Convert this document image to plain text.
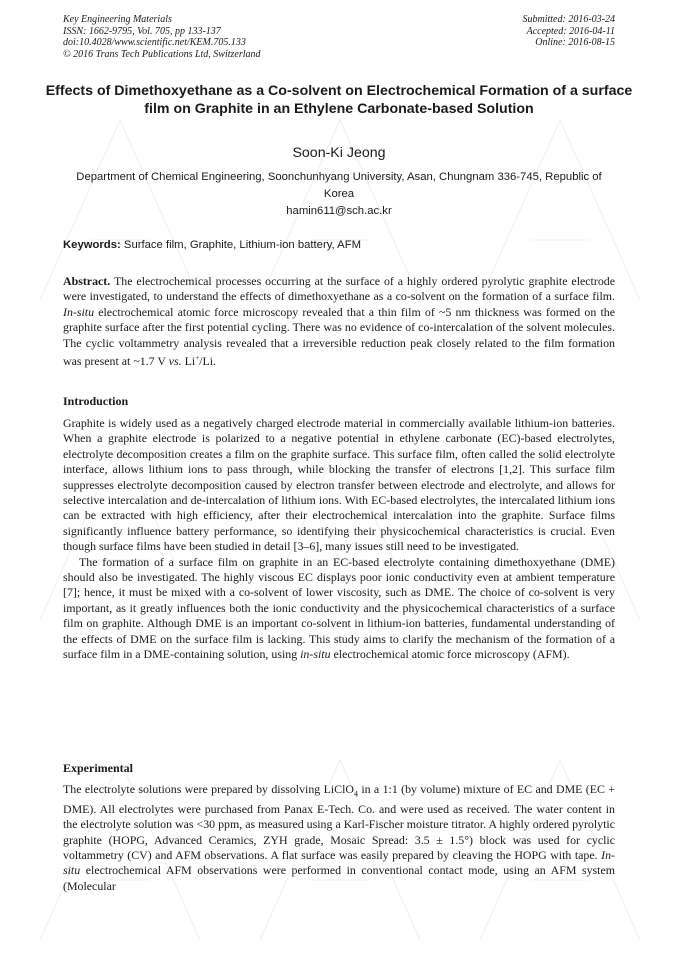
Key Engineering Materials
ISSN: 1662-9795, Vol. 705, pp 133-137
doi:10.4028/www.scientific.net/KEM.705.133
© 2016 Trans Tech Publications Ltd, Switzerland
Submitted: 2016-03-24
Accepted: 2016-04-11
Online: 2016-08-15
Effects of Dimethoxyethane as a Co-solvent on Electrochemical Formation of a surface film on Graphite in an Ethylene Carbonate-based Solution
Soon-Ki Jeong
Department of Chemical Engineering, Soonchunhyang University, Asan, Chungnam 336-745, Republic of Korea
hamin611@sch.ac.kr
Keywords: Surface film, Graphite, Lithium-ion battery, AFM
Abstract. The electrochemical processes occurring at the surface of a highly ordered pyrolytic graphite electrode were investigated, to understand the effects of dimethoxyethane as a co-solvent on the formation of a surface film. In-situ electrochemical atomic force microscopy revealed that a thin film of ~5 nm thickness was formed on the graphite surface after the first potential cycling. There was no evidence of co-intercalation of the solvent molecules. The cyclic voltammetry analysis revealed that a irreversible reduction peak closely related to the film formation was present at ~1.7 V vs. Li+/Li.
Introduction

Graphite is widely used as a negatively charged electrode material in commercially available lithium-ion batteries. When a graphite electrode is polarized to a negative potential in ethylene carbonate (EC)-based electrolytes, electrolyte decomposition creates a film on the graphite surface. This surface film, often called the solid electrolyte interface, allows lithium ions to pass through, while blocking the transfer of electrons [1,2]. This surface film suppresses electrolyte decomposition caused by electron transfer between electrode and electrolyte, and allows for selective intercalation and de-intercalation of lithium ions. With EC-based electrolytes, the intercalated lithium ions can be extracted with high efficiency, after their electrochemical intercalation into the graphite. Surface films significantly influence battery performance, so identifying their physicochemical characteristics is crucial. Even though surface films have been studied in detail [3–6], many issues still need to be investigated.

The formation of a surface film on graphite in an EC-based electrolyte containing dimethoxyethane (DME) should also be investigated. The highly viscous EC displays poor ionic conductivity even at ambient temperature [7]; hence, it must be mixed with a co-solvent of lower viscosity, such as DME. The choice of co-solvent is very important, as it greatly influences both the ionic conductivity and the physicochemical characteristics of a surface film on graphite. Although DME is an important co-solvent in lithium-ion batteries, fundamental understanding of the effects of DME on the surface film is lacking. This study aims to clarify the mechanism of the formation of a surface film in a DME-containing solution, using in-situ electrochemical atomic force microscopy (AFM).

Experimental
The electrolyte solutions were prepared by dissolving LiClO$_4$ in a 1:1 (by volume) mixture of EC and DME (EC + DME). All electrolytes were purchased from Panax E-Tech. Co. and were used as received. The water content in the electrolyte solution was <30 ppm, as measured using a Karl-Fischer moisture titrator. A highly ordered pyrolytic graphite (HOPG, Advanced Ceramics, ZYH grade, Mosaic Spread: 3.5 ± 1.5°) block was used for cyclic voltammetry (CV) and AFM observations. A flat surface was easily prepared by cleaving the HOPG with tape. In-situ electrochemical AFM observations were performed in conventional contact mode, using an AFM system (Molecular
